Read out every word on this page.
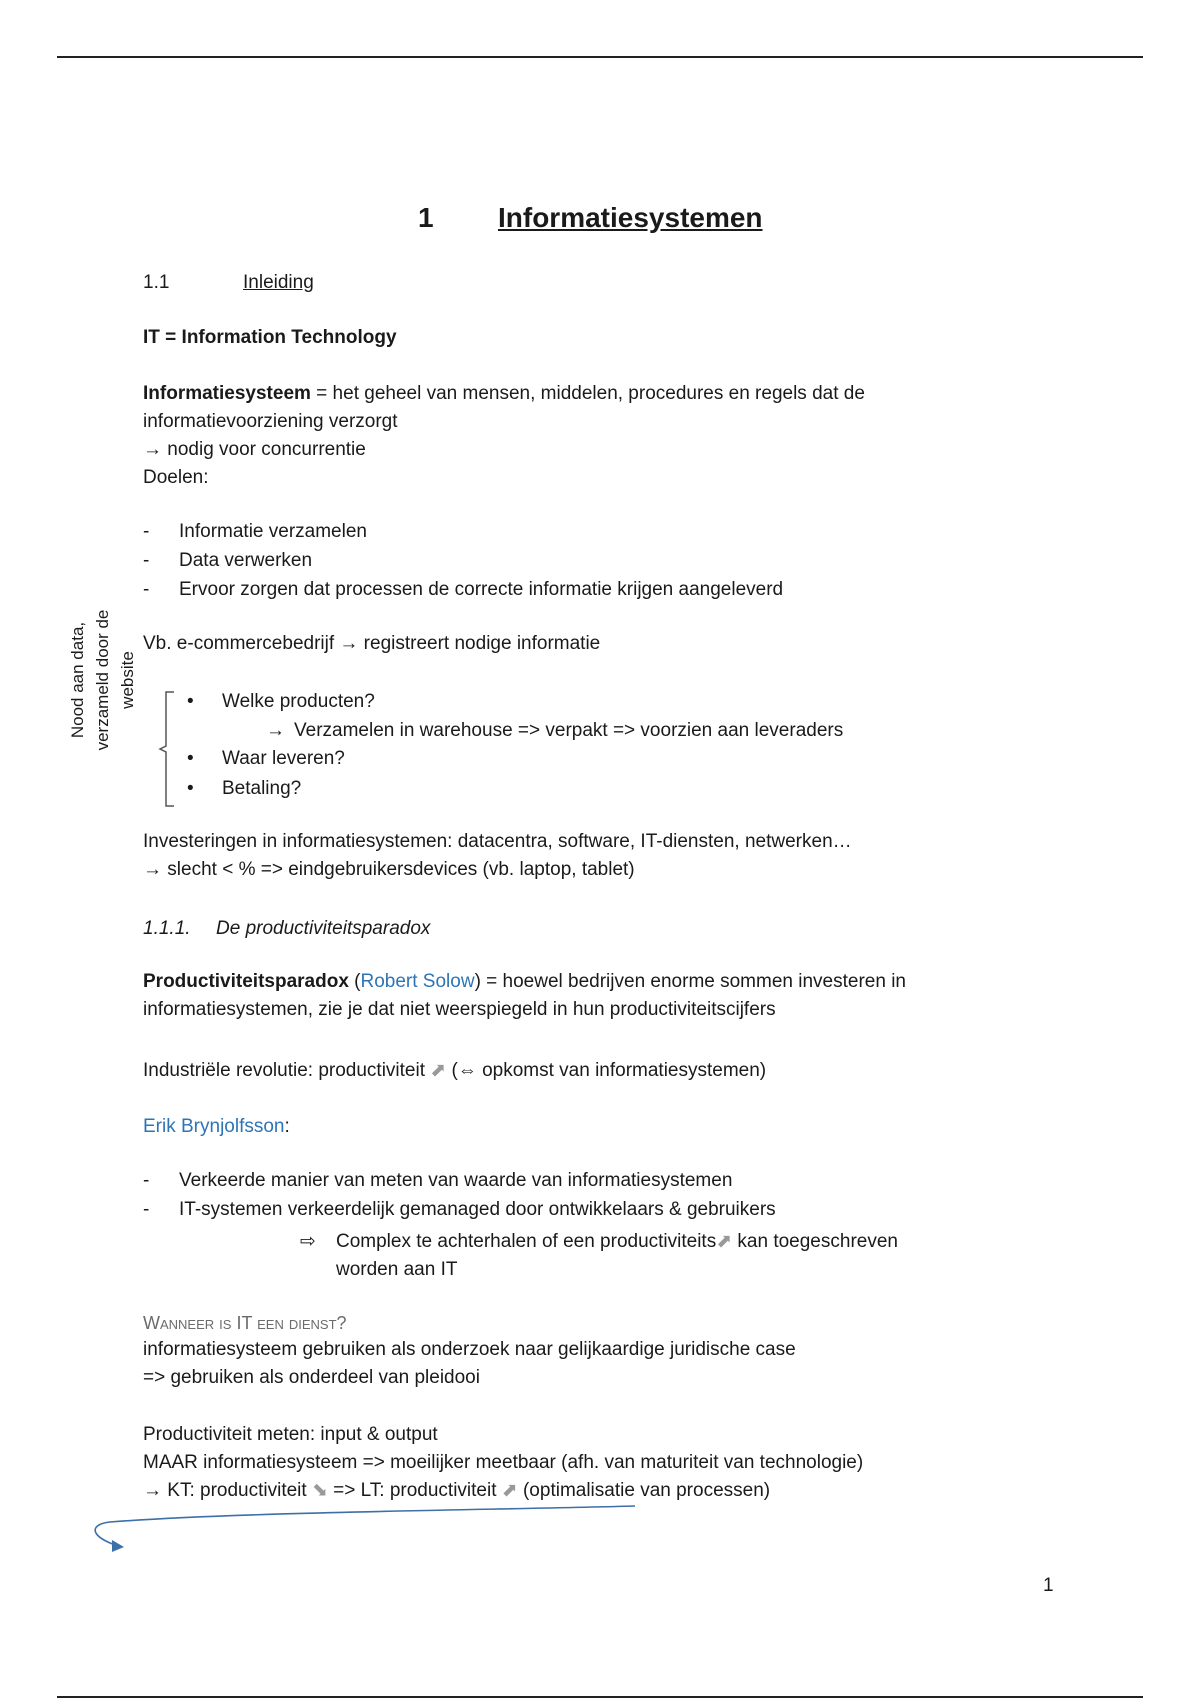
1 Informatiesystemen
1.1	Inleiding
IT = Information Technology
Informatiesysteem = het geheel van mensen, middelen, procedures en regels dat de
informatievoorziening verzorgt
→ nodig voor concurrentie
Doelen:
- Informatie verzamelen
- Data verwerken
- Ervoor zorgen dat processen de correcte informatie krijgen aangeleverd
Vb. e-commercebedrijf → registreert nodige informatie
Nood aan data, verzameld door de website	• Welke producten?
→ Verzamelen in warehouse => verpakt => voorzien aan leveraders
• Waar leveren?
• Betaling?
Investeringen in informatiesystemen: datacentra, software, IT-diensten, netwerken…
→ slecht < % => eindgebruikersdevices (vb. laptop, tablet)
1.1.1. De productiviteitsparadox
Productiviteitsparadox (Robert Solow) = hoewel bedrijven enorme sommen investeren in
informatiesystemen, zie je dat niet weerspiegeld in hun productiviteitscijfers
Industriële revolutie: productiviteit ⬈ (⇔ opkomst van informatiesystemen)
Erik Brynjolfsson:
- Verkeerde manier van meten van waarde van informatiesystemen
- IT-systemen verkeerdelijk gemanaged door ontwikkelaars & gebruikers
⇨ Complex te achterhalen of een productiviteits⬈ kan toegeschreven
worden aan IT
Wanneer is IT een dienst?
informatiesysteem gebruiken als onderzoek naar gelijkaardige juridische case
=> gebruiken als onderdeel van pleidooi
Productiviteit meten: input & output
MAAR informatiesysteem => moeilijker meetbaar (afh. van maturiteit van technologie)
→ KT: productiviteit ⬊ => LT: productiviteit ⬈ (optimalisatie van processen)
1
